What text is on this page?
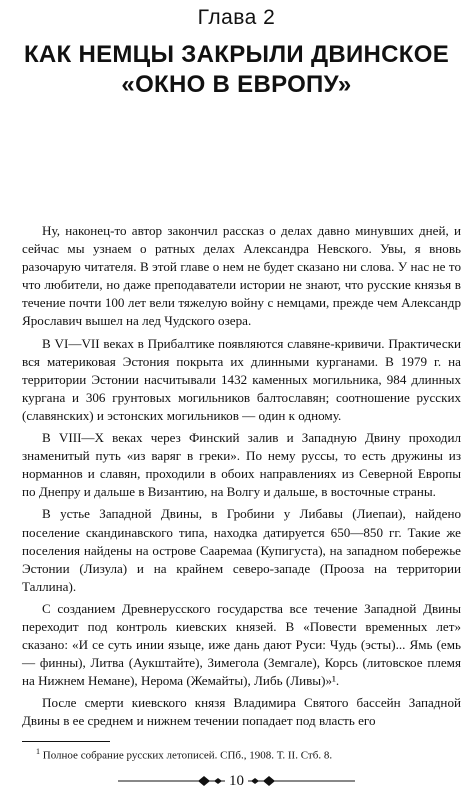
Глава 2
КАК НЕМЦЫ ЗАКРЫЛИ ДВИНСКОЕ
«ОКНО В ЕВРОПУ»

Ну, наконец-то автор закончил рассказ о делах давно минувших дней, и сейчас мы узнаем о ратных делах Александра Невского. Увы, я вновь разочарую читателя. В этой главе о нем не будет сказано ни слова. У нас не то что любители, но даже преподаватели истории не знают, что русские князья в течение почти 100 лет вели тяжелую войну с немцами, прежде чем Александр Ярославич вышел на лед Чудского озера.

В VI—VII веках в Прибалтике появляются славяне-кривичи. Практически вся материковая Эстония покрыта их длинными курганами. В 1979 г. на территории Эстонии насчитывали 1432 каменных могильника, 984 длинных кургана и 306 грунтовых могильников балтославян; соотношение русских (славянских) и эстонских могильников — один к одному.

В VIII—X веках через Финский залив и Западную Двину проходил знаменитый путь «из варяг в греки». По нему руссы, то есть дружины из норманнов и славян, проходили в обоих направлениях из Северной Европы по Днепру и дальше в Византию, на Волгу и дальше, в восточные страны.

В устье Западной Двины, в Гробини у Либавы (Лиепаи), найдено поселение скандинавского типа, находка датируется 650—850 гг. Такие же поселения найдены на острове Сааремаа (Купигуста), на западном побережье Эстонии (Лизула) и на крайнем северо-западе (Прооза на территории Таллина).

С созданием Древнерусского государства все течение Западной Двины переходит под контроль киевских князей. В «Повести временных лет» сказано: «И се суть инии языце, иже дань дают Руси: Чудь (эсты)... Ямь (емь — финны), Литва (Аукштайте), Зимегола (Земгале), Корсь (литовское племя на Нижнем Немане), Нерома (Жемайты), Либь (Ливы)»¹.

После смерти киевского князя Владимира Святого бассейн Западной Двины в ее среднем и нижнем течении попадает под власть его

$^1$ Полное собрание русских летописей. СПб., 1908. Т. II. Стб. 8.
10
